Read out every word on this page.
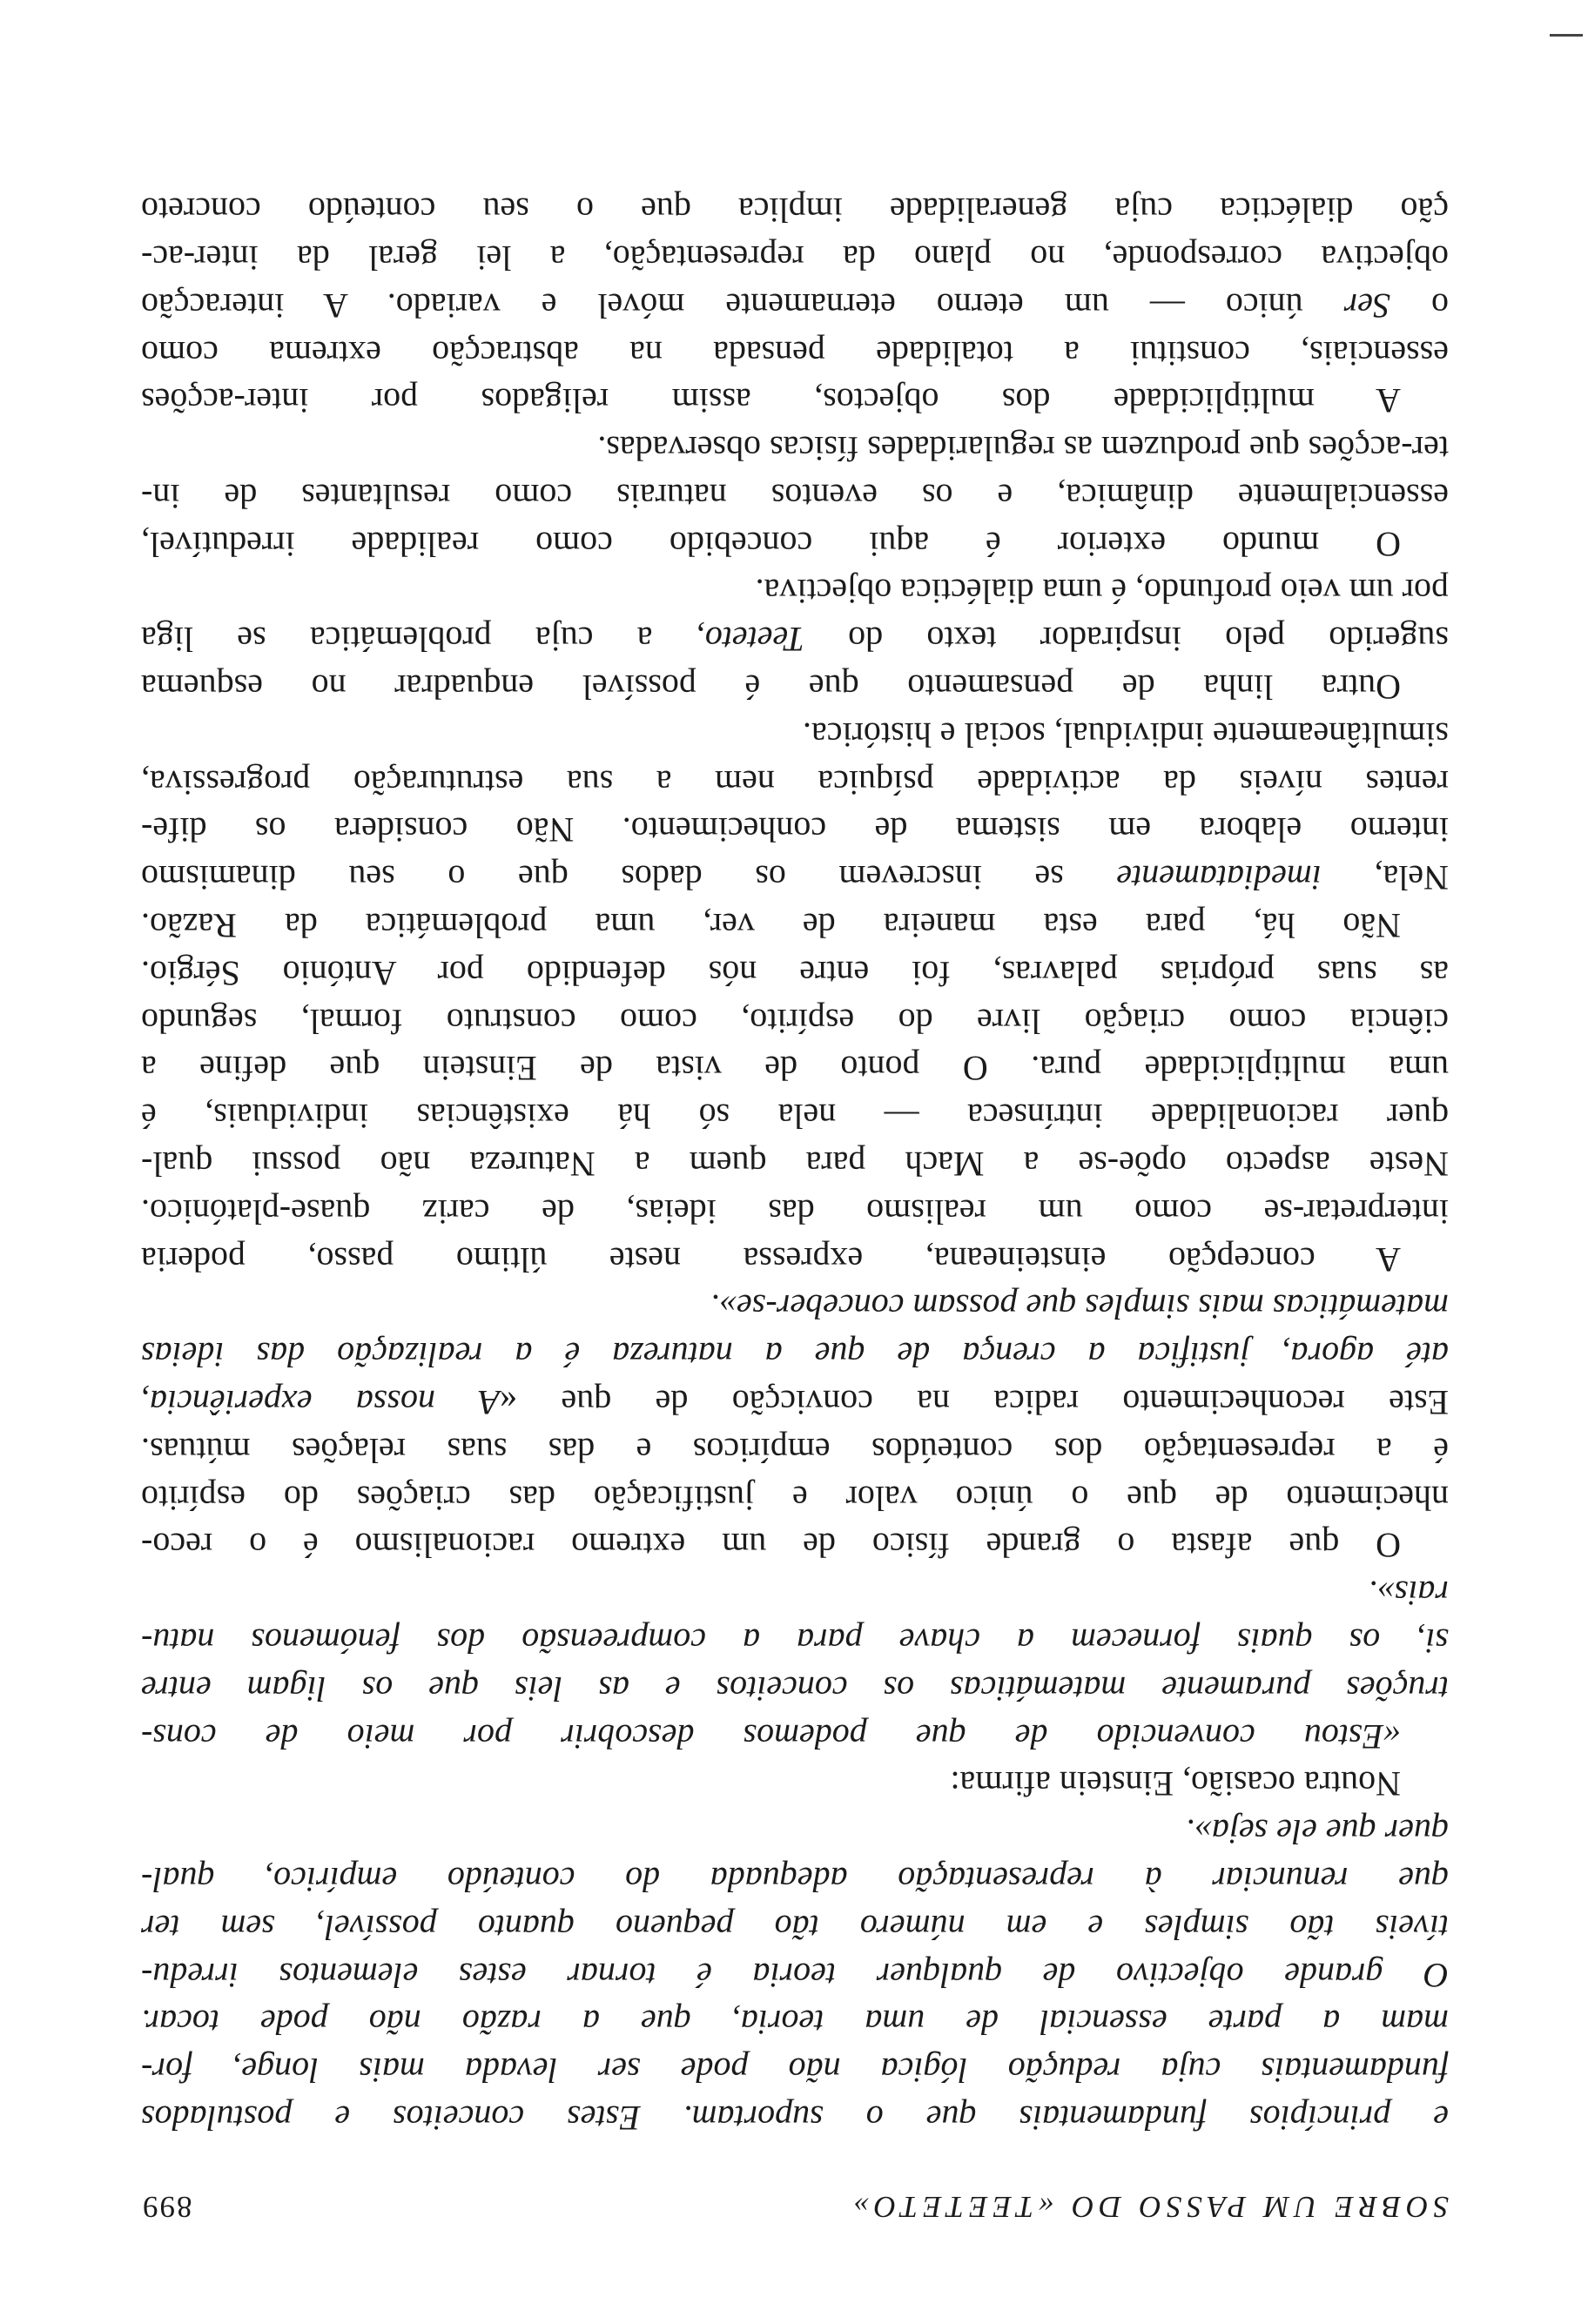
SOBRE UM PASSO DO «TEETETO»
899
e princípios fundamentais que o suportam. Estes conceitos e postulados
fundamentais cuja redução lógica não pode ser levada mais longe, for-
mam a parte essencial de uma teoria, que a razão não pode tocar.
O grande objectivo de qualquer teoria é tornar estes elementos irredu-
tíveis tão simples e em número tão pequeno quanto possível, sem ter
que renunciar à representação adequada do conteúdo empírico, qual-
quer que ele seja».
Noutra ocasião, Einstein afirma:
«Estou convencido de que podemos descobrir por meio de cons-
truções puramente matemáticas os conceitos e as leis que os ligam entre
si, os quais fornecem a chave para a compreensão dos fenómenos natu-
rais».
O que afasta o grande físico de um extremo racionalismo é o reco-
nhecimento de que o único valor e justificação das criações do espírito
é a representação dos conteúdos empíricos e das suas relações mútuas.
Este reconhecimento radica na convicção de que «A nossa experiência,
até agora, justifica a crença de que a natureza é a realização das ideias
matemáticas mais simples que possam conceber-se».
A concepção einsteineana, expressa neste último passo, poderia
interpretar-se como um realismo das ideias, de cariz quase-platónico.
Neste aspecto opõe-se a Mach para quem a Natureza não possui qual-
quer racionalidade intrínseca — nela só há existências individuais, é
uma multiplicidade pura. O ponto de vista de Einstein que define a
ciência como criação livre do espírito, como construto formal, segundo
as suas próprias palavras, foi entre nós defendido por António Sérgio.
Não há, para esta maneira de ver, uma problemática da Razão.
Nela, imediatamente se inscrevem os dados que o seu dinamismo
interno elabora em sistema de conhecimento. Não considera os dife-
rentes níveis da actividade psíquica nem a sua estruturação progressiva,
simultâneamente individual, social e histórica.
Outra linha de pensamento que é possível enquadrar no esquema
sugerido pelo inspirador texto do Teeteto, a cuja problemática se liga
por um veio profundo, é uma dialéctica objectiva.
O mundo exterior é aqui concebido como realidade irredutível,
essencialmente dinâmica, e os eventos naturais como resultantes de in-
ter-acções que produzem as regularidades físicas observadas.
A multiplicidade dos objectos, assim religados por inter-acções
essenciais, constitui a totalidade pensada na abstracção extrema como
o Ser único — um eterno eternamente móvel e variado. A interacção
objectiva corresponde, no plano da representação, a lei geral da inter-ac-
ção dialéctica cuja generalidade implica que o seu conteúdo concreto
